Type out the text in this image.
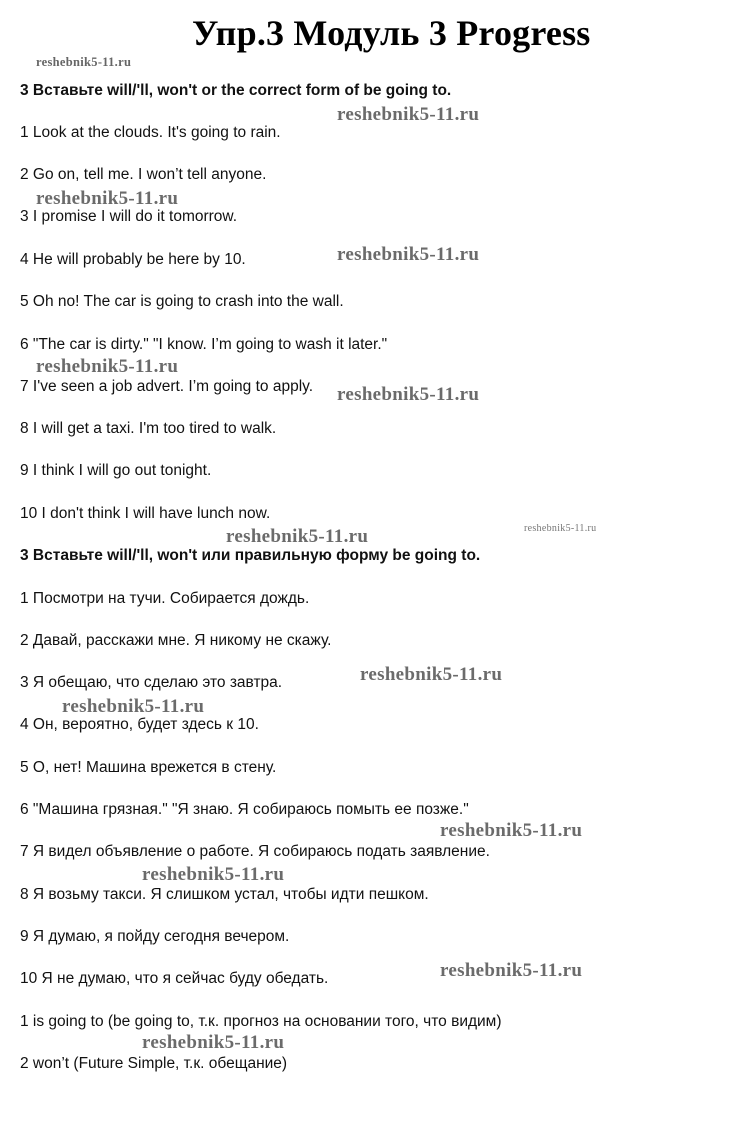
Упр.3 Модуль 3 Progress
3 Вставьте will/'ll, won't or the correct form of be going to.
1 Look at the clouds. It's going to rain.
2 Go on, tell me. I won’t tell anyone.
3 I promise I will do it tomorrow.
4 He will probably be here by 10.
5 Oh no! The car is going to crash into the wall.
6 "The car is dirty." "I know. I’m going to wash it later."
7 I've seen a job advert. I’m going to apply.
8 I will get a taxi. I'm too tired to walk.
9 I think I will go out tonight.
10 I don't think I will have lunch now.
3 Вставьте will/'ll, won't или правильную форму be going to.
1 Посмотри на тучи. Собирается дождь.
2 Давай, расскажи мне. Я никому не скажу.
3 Я обещаю, что сделаю это завтра.
4 Он, вероятно, будет здесь к 10.
5 О, нет! Машина врежется в стену.
6 "Машина грязная." "Я знаю. Я собираюсь помыть ее позже."
7 Я видел объявление о работе. Я собираюсь подать заявление.
8 Я возьму такси. Я слишком устал, чтобы идти пешком.
9 Я думаю, я пойду сегодня вечером.
10 Я не думаю, что я сейчас буду обедать.
1 is going to (be going to, т.к. прогноз на основании того, что видим)
2 won’t (Future Simple, т.к. обещание)
reshebnik5-11.ru
reshebnik5-11.ru
reshebnik5-11.ru
reshebnik5-11.ru
reshebnik5-11.ru
reshebnik5-11.ru
reshebnik5-11.ru	reshebnik5-11.ru
reshebnik5-11.ru
reshebnik5-11.ru
reshebnik5-11.ru
reshebnik5-11.ru
reshebnik5-11.ru
reshebnik5-11.ru
